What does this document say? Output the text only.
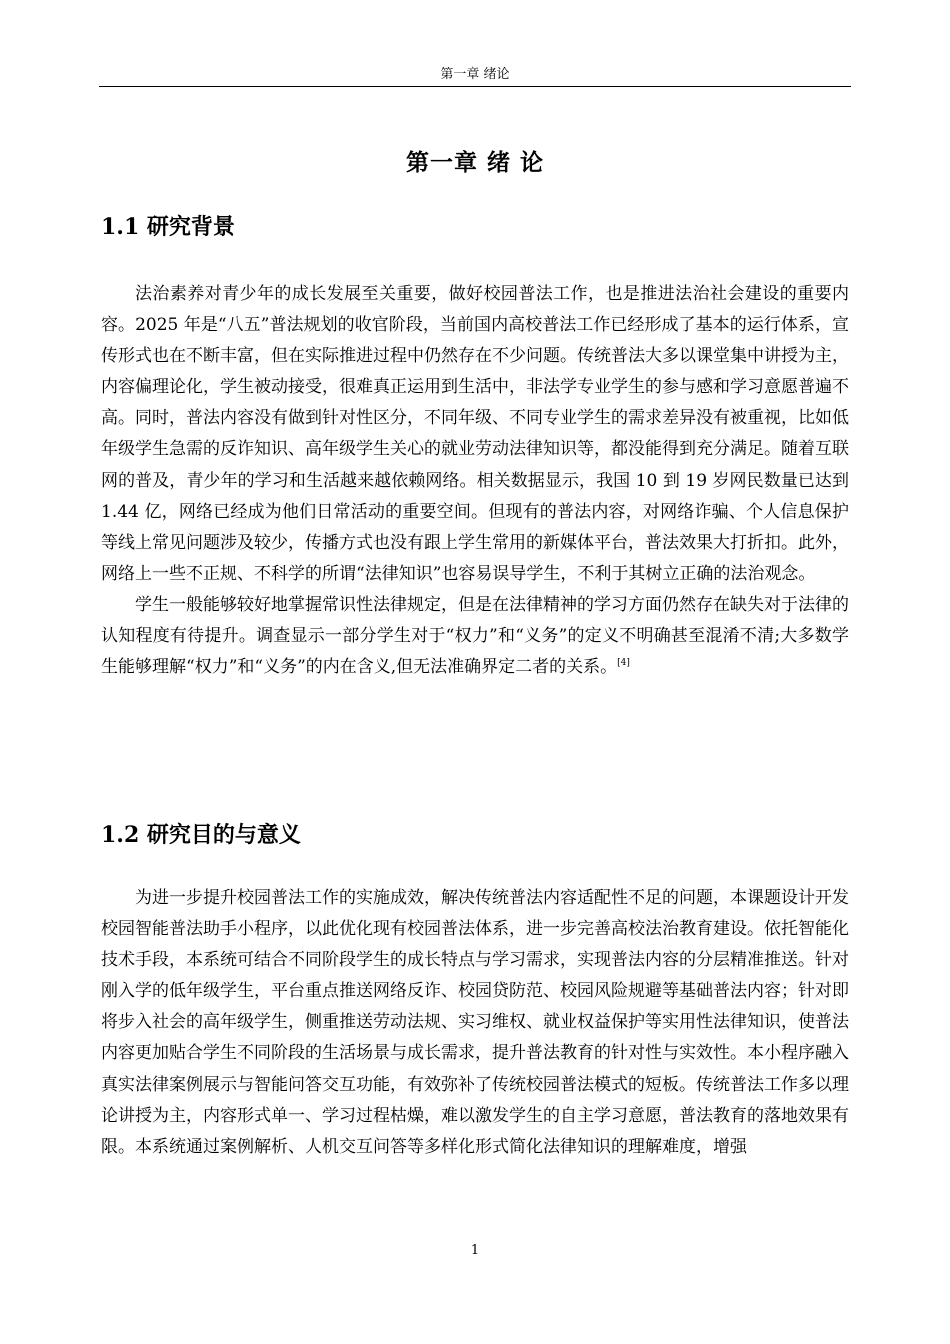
第一章 绪论
第一章 绪 论
1.1 研究背景

法治素养对青少年的成长发展至关重要，做好校园普法工作，也是推进法治社会建设的重要内容。2025 年是“八五”普法规划的收官阶段，当前国内高校普法工作已经形成了基本的运行体系，宣传形式也在不断丰富，但在实际推进过程中仍然存在不少问题。传统普法大多以课堂集中讲授为主，内容偏理论化，学生被动接受，很难真正运用到生活中，非法学专业学生的参与感和学习意愿普遍不高。同时，普法内容没有做到针对性区分，不同年级、不同专业学生的需求差异没有被重视，比如低年级学生急需的反诈知识、高年级学生关心的就业劳动法律知识等，都没能得到充分满足。随着互联网的普及，青少年的学习和生活越来越依赖网络。相关数据显示，我国 10 到 19 岁网民数量已达到 1.44 亿，网络已经成为他们日常活动的重要空间。但现有的普法内容，对网络诈骗、个人信息保护等线上常见问题涉及较少，传播方式也没有跟上学生常用的新媒体平台，普法效果大打折扣。此外，网络上一些不正规、不科学的所谓“法律知识”也容易误导学生，不利于其树立正确的法治观念。

学生一般能够较好地掌握常识性法律规定，但是在法律精神的学习方面仍然存在缺失对于法律的认知程度有待提升。调查显示一部分学生对于“权力”和“义务”的定义不明确甚至混淆不清;大多数学生能够理解“权力”和“义务”的内在含义,但无法准确界定二者的关系。[4]

1.2 研究目的与意义

为进一步提升校园普法工作的实施成效，解决传统普法内容适配性不足的问题，本课题设计开发校园智能普法助手小程序，以此优化现有校园普法体系，进一步完善高校法治教育建设。依托智能化技术手段，本系统可结合不同阶段学生的成长特点与学习需求，实现普法内容的分层精准推送。针对刚入学的低年级学生，平台重点推送网络反诈、校园贷防范、校园风险规避等基础普法内容；针对即将步入社会的高年级学生，侧重推送劳动法规、实习维权、就业权益保护等实用性法律知识，使普法内容更加贴合学生不同阶段的生活场景与成长需求，提升普法教育的针对性与实效性。本小程序融入真实法律案例展示与智能问答交互功能，有效弥补了传统校园普法模式的短板。传统普法工作多以理论讲授为主，内容形式单一、学习过程枯燥，难以激发学生的自主学习意愿，普法教育的落地效果有限。本系统通过案例解析、人机交互问答等多样化形式简化法律知识的理解难度，增强

1
